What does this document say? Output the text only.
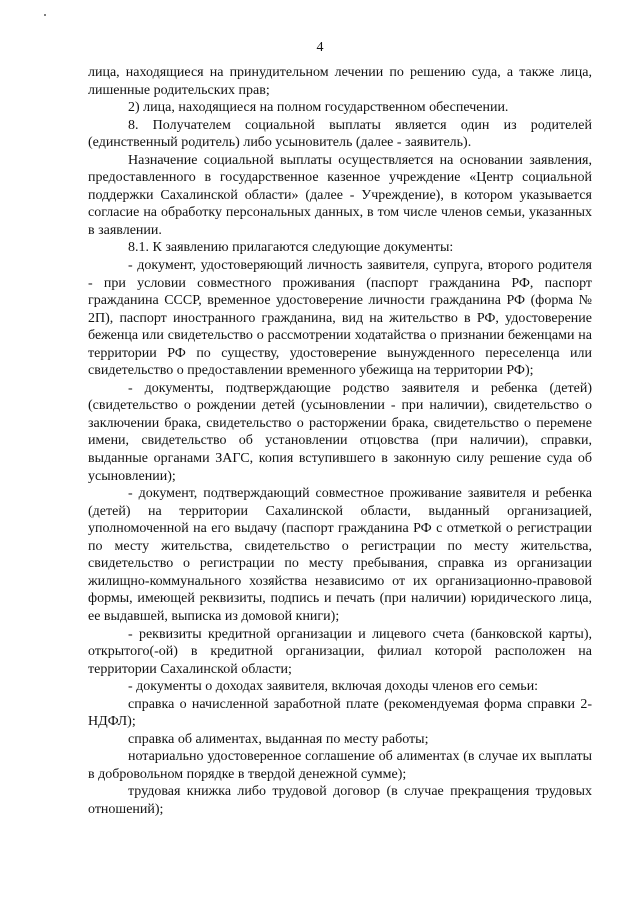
4

лица, находящиеся на принудительном лечении по решению суда, а также лица, лишенные родительских прав;

2) лица, находящиеся на полном государственном обеспечении.

8. Получателем социальной выплаты является один из родителей (единственный родитель) либо усыновитель (далее - заявитель).

Назначение социальной выплаты осуществляется на основании заявления, предоставленного в государственное казенное учреждение «Центр социальной поддержки Сахалинской области» (далее - Учреждение), в котором указывается согласие на обработку персональных данных, в том числе членов семьи, указанных в заявлении.

8.1. К заявлению прилагаются следующие документы:

- документ, удостоверяющий личность заявителя, супруга, второго родителя - при условии совместного проживания (паспорт гражданина РФ, паспорт гражданина СССР, временное удостоверение личности гражданина РФ (форма № 2П), паспорт иностранного гражданина, вид на жительство в РФ, удостоверение беженца или свидетельство о рассмотрении ходатайства о признании беженцами на территории РФ по существу, удостоверение вынужденного переселенца или свидетельство о предоставлении временного убежища на территории РФ);

- документы, подтверждающие родство заявителя и ребенка (детей) (свидетельство о рождении детей (усыновлении - при наличии), свидетельство о заключении брака, свидетельство о расторжении брака, свидетельство о перемене имени, свидетельство об установлении отцовства (при наличии), справки, выданные органами ЗАГС, копия вступившего в законную силу решение суда об усыновлении);

- документ, подтверждающий совместное проживание заявителя и ребенка (детей) на территории Сахалинской области, выданный организацией, уполномоченной на его выдачу (паспорт гражданина РФ с отметкой о регистрации по месту жительства, свидетельство о регистрации по месту жительства, свидетельство о регистрации по месту пребывания, справка из организации жилищно-коммунального хозяйства независимо от их организационно-правовой формы, имеющей реквизиты, подпись и печать (при наличии) юридического лица, ее выдавшей, выписка из домовой книги);

- реквизиты кредитной организации и лицевого счета (банковской карты), открытого(-ой) в кредитной организации, филиал которой расположен на территории Сахалинской области;

- документы о доходах заявителя, включая доходы членов его семьи:

справка о начисленной заработной плате (рекомендуемая форма справки 2-НДФЛ);

справка об алиментах, выданная по месту работы;

нотариально удостоверенное соглашение об алиментах (в случае их выплаты в добровольном порядке в твердой денежной сумме);

трудовая книжка либо трудовой договор (в случае прекращения трудовых отношений);
